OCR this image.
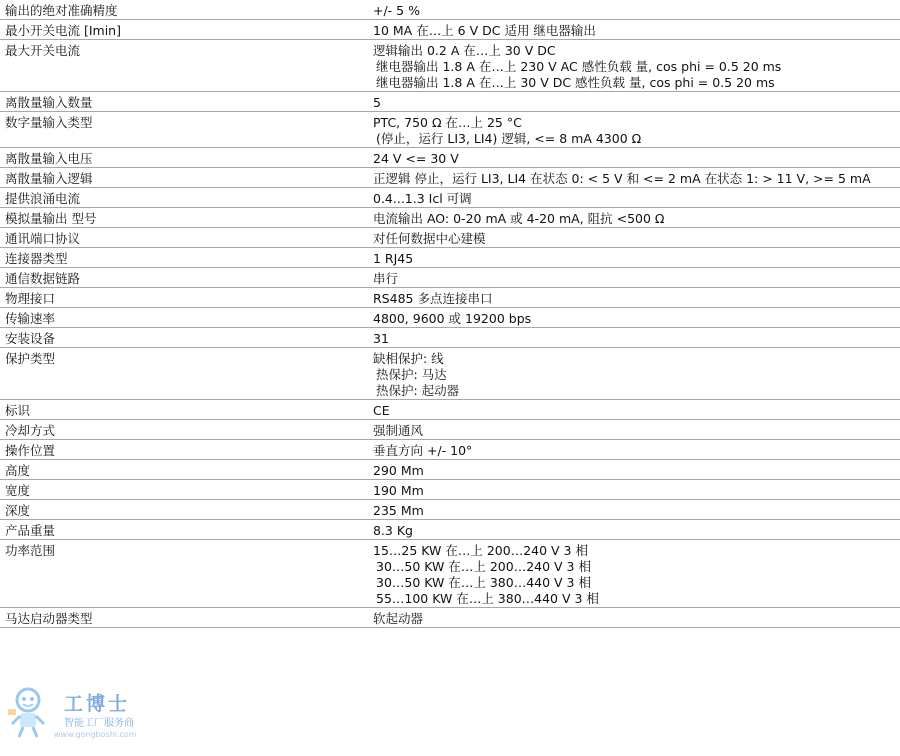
输出的绝对准确精度	+/- 5 %

最小开关电流 [Imin]	10 MA 在…上 6 V DC 适用 继电器输出

最大开关电流	逻辑输出 0.2 A 在…上 30 V DC
继电器输出 1.8 A 在…上 230 V AC 感性负载 量, cos phi = 0.5 20 ms
继电器输出 1.8 A 在…上 30 V DC 感性负载 量, cos phi = 0.5 20 ms

离散量输入数量	5

数字量输入类型	PTC, 750 Ω 在…上 25 °C
(停止，运行 LI3, LI4) 逻辑, <= 8 mA 4300 Ω

离散量输入电压	24 V <= 30 V

离散量输入逻辑	正逻辑 停止，运行 LI3, LI4 在状态 0: < 5 V 和 <= 2 mA 在状态 1: > 11 V, >= 5 mA

提供浪涌电流	0.4...1.3 Icl 可调

模拟量输出 型号	电流输出 AO: 0-20 mA 或 4-20 mA, 阻抗 <500 Ω

通讯端口协议	对任何数据中心建模

连接器类型	1 RJ45

通信数据链路	串行

物理接口	RS485 多点连接串口

传输速率	4800, 9600 或 19200 bps

安装设备	31

保护类型	缺相保护: 线
热保护: 马达
热保护: 起动器

标识	CE

冷却方式	强制通风

操作位置	垂直方向 +/- 10°

高度	290 Mm

宽度	190 Mm

深度	235 Mm

产品重量	8.3 Kg

功率范围	15…25 KW 在…上 200…240 V 3 相
30…50 KW 在…上 200…240 V 3 相
30…50 KW 在…上 380…440 V 3 相
55…100 KW 在…上 380…440 V 3 相

马达启动器类型	软起动器
工博士
智能工厂服务商
www.gongboshi.com
